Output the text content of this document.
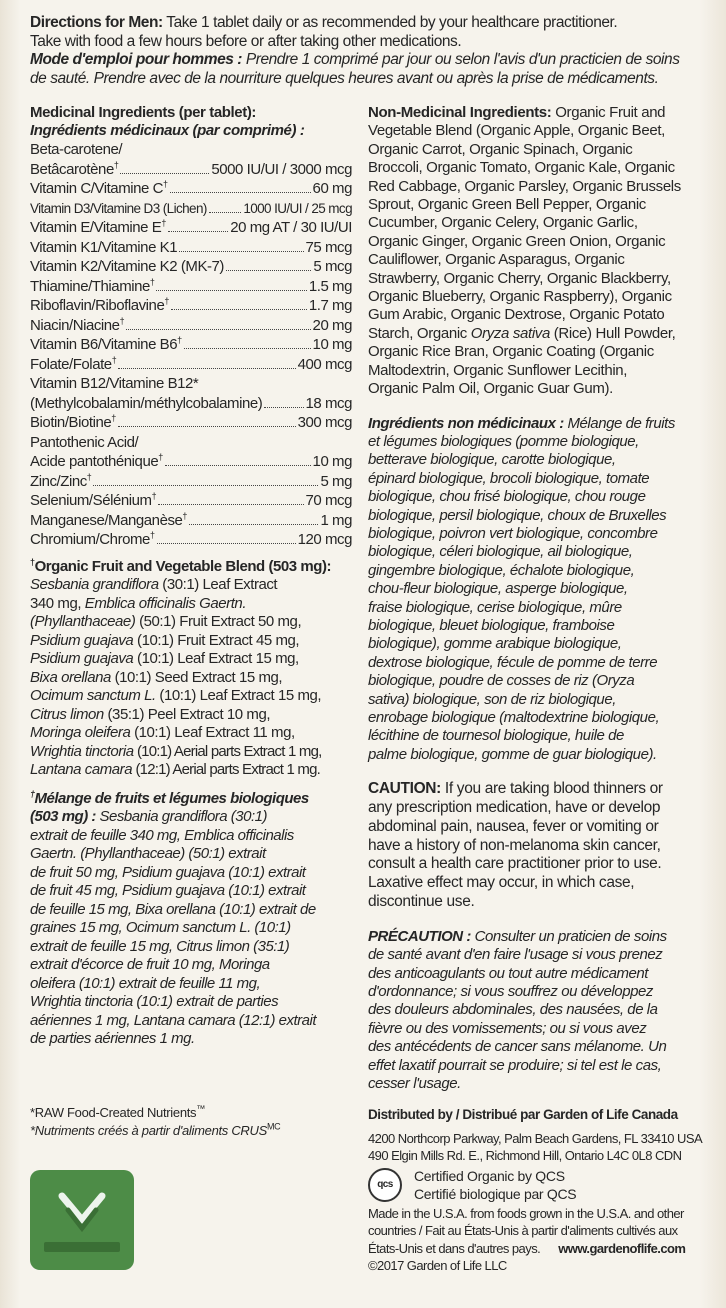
Directions for Men: Take 1 tablet daily or as recommended by your healthcare practitioner.

Take with food a few hours before or after taking other medications.

Mode d'emploi pour hommes : Prendre 1 comprimé par jour ou selon l'avis d'un practicien de soins

de sauté. Prendre avec de la nourriture quelques heures avant ou après la prise de médicaments.

Medicinal Ingredients (per tablet):
Ingrédients médicinaux (par comprimé) :
Beta-carotene/
Betâcarotène†	5000 IU/UI / 3000 mcg
Vitamin C/Vitamine C†	60 mg
Vitamin D3/Vitamine D3 (Lichen)	1000 IU/UI / 25 mcg
Vitamin E/Vitamine E†	20 mg AT / 30 IU/UI
Vitamin K1/Vitamine K1	75 mcg
Vitamin K2/Vitamine K2 (MK-7)	5 mcg
Thiamine/Thiamine†	1.5 mg
Riboflavin/Riboflavine†	1.7 mg
Niacin/Niacine†	20 mg
Vitamin B6/Vitamine B6†	10 mg
Folate/Folate†	400 mcg
Vitamin B12/Vitamine B12*
(Methylcobalamin/méthylcobalamine)	18 mcg
Biotin/Biotine†	300 mcg
Pantothenic Acid/
Acide pantothénique†	10 mg
Zinc/Zinc†	5 mg
Selenium/Sélénium†	70 mcg
Manganese/Manganèse†	1 mg
Chromium/Chrome†	120 mcg

†Organic Fruit and Vegetable Blend (503 mg):

Sesbania grandiflora (30:1) Leaf Extract

340 mg, Emblica officinalis Gaertn.

(Phyllanthaceae) (50:1) Fruit Extract 50 mg,

Psidium guajava (10:1) Fruit Extract 45 mg,

Psidium guajava (10:1) Leaf Extract 15 mg,

Bixa orellana (10:1) Seed Extract 15 mg,

Ocimum sanctum L. (10:1) Leaf Extract 15 mg,

Citrus limon (35:1) Peel Extract 10 mg,

Moringa oleifera (10:1) Leaf Extract 11 mg,

Wrightia tinctoria (10:1) Aerial parts Extract 1 mg,

Lantana camara (12:1) Aerial parts Extract 1 mg.

†Mélange de fruits et légumes biologiques

(503 mg) : Sesbania grandiflora (30:1)

extrait de feuille 340 mg, Emblica officinalis

Gaertn. (Phyllanthaceae) (50:1) extrait

de fruit 50 mg, Psidium guajava (10:1) extrait

de fruit 45 mg, Psidium guajava (10:1) extrait

de feuille 15 mg, Bixa orellana (10:1) extrait de

graines 15 mg, Ocimum sanctum L. (10:1)

extrait de feuille 15 mg, Citrus limon (35:1)

extrait d'écorce de fruit 10 mg, Moringa

oleifera (10:1) extrait de feuille 11 mg,

Wrightia tinctoria (10:1) extrait de parties

aériennes 1 mg, Lantana camara (12:1) extrait

de parties aériennes 1 mg.

Non-Medicinal Ingredients: Organic Fruit and
Vegetable Blend (Organic Apple, Organic Beet,
Organic Carrot, Organic Spinach, Organic
Broccoli, Organic Tomato, Organic Kale, Organic
Red Cabbage, Organic Parsley, Organic Brussels
Sprout, Organic Green Bell Pepper, Organic
Cucumber, Organic Celery, Organic Garlic,
Organic Ginger, Organic Green Onion, Organic
Cauliflower, Organic Asparagus, Organic
Strawberry, Organic Cherry, Organic Blackberry,
Organic Blueberry, Organic Raspberry), Organic
Gum Arabic, Organic Dextrose, Organic Potato
Starch, Organic Oryza sativa (Rice) Hull Powder,
Organic Rice Bran, Organic Coating (Organic
Maltodextrin, Organic Sunflower Lecithin,
Organic Palm Oil, Organic Guar Gum).
Ingrédients non médicinaux : Mélange de fruits
et légumes biologiques (pomme biologique,
betterave biologique, carotte biologique,
épinard biologique, brocoli biologique, tomate
biologique, chou frisé biologique, chou rouge
biologique, persil biologique, choux de Bruxelles
biologique, poivron vert biologique, concombre
biologique, céleri biologique, ail biologique,
gingembre biologique, échalote biologique,
chou-fleur biologique, asperge biologique,
fraise biologique, cerise biologique, mûre
biologique, bleuet biologique, framboise
biologique), gomme arabique biologique,
dextrose biologique, fécule de pomme de terre
biologique, poudre de cosses de riz (Oryza
sativa) biologique, son de riz biologique,
enrobage biologique (maltodextrine biologique,
lécithine de tournesol biologique, huile de
palme biologique, gomme de guar biologique).
CAUTION: If you are taking blood thinners or
any prescription medication, have or develop
abdominal pain, nausea, fever or vomiting or
have a history of non-melanoma skin cancer,
consult a health care practitioner prior to use.
Laxative effect may occur, in which case,
discontinue use.
PRÉCAUTION : Consulter un praticien de soins
de santé avant d'en faire l'usage si vous prenez
des anticoagulants ou tout autre médicament
d'ordonnance; si vous souffrez ou développez
des douleurs abdominales, des nausées, de la
fièvre ou des vomissements; ou si vous avez
des antécédents de cancer sans mélanome. Un
effet laxatif pourrait se produire; si tel est le cas,
cesser l'usage.

*RAW Food-Created Nutrients™

*Nutriments créés à partir d'aliments $CRUS^{MC}$

Distributed by / Distribué par Garden of Life Canada

4200 Northcorp Parkway, Palm Beach Gardens, FL 33410 USA

490 Elgin Mills Rd. E., Richmond Hill, Ontario L4C 0L8 CDN

qcs
Certified Organic by QCS
Certifié biologique par QCS

Made in the U.S.A. from foods grown in the U.S.A. and other

countries / Fait au États-Unis à partir d'aliments cultivés aux

États-Unis et dans d'autres pays. www.gardenoflife.com

©2017 Garden of Life LLC
